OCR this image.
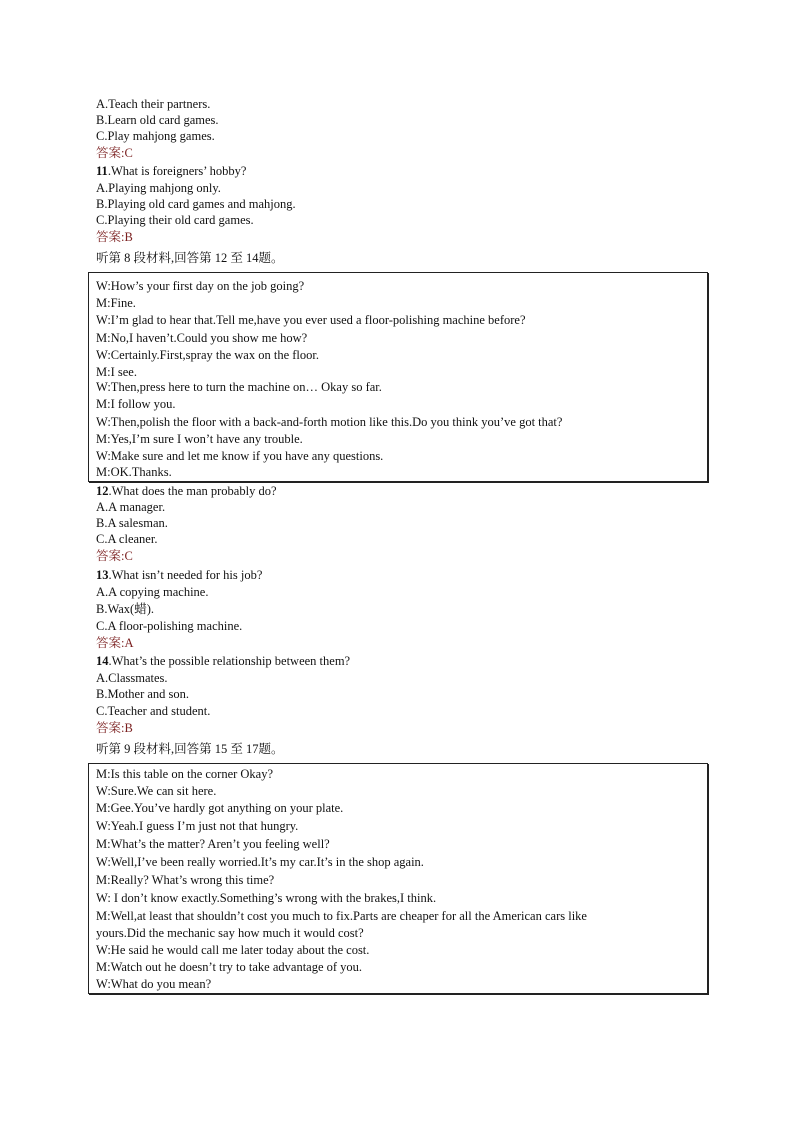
A.Teach their partners.
B.Learn old card games.
C.Play mahjong games.
答案:C
11.What is foreigners’ hobby?
A.Playing mahjong only.
B.Playing old card games and mahjong.
C.Playing their old card games.
答案:B
听第 8 段材料,回答第 12 至 14题。
W:How’s your first day on the job going?
M:Fine.
W:I’m glad to hear that.Tell me,have you ever used a floor-polishing machine before?
M:No,I haven’t.Could you show me how?
W:Certainly.First,spray the wax on the floor.
M:I see.
W:Then,press here to turn the machine on… Okay so far.
M:I follow you.
W:Then,polish the floor with a back-and-forth motion like this.Do you think you’ve got that?
M:Yes,I’m sure I won’t have any trouble.
W:Make sure and let me know if you have any questions.
M:OK.Thanks.
12.What does the man probably do?
A.A manager.
B.A salesman.
C.A cleaner.
答案:C
13.What isn’t needed for his job?
A.A copying machine.
B.Wax(蜡).
C.A floor-polishing machine.
答案:A
14.What’s the possible relationship between them?
A.Classmates.
B.Mother and son.
C.Teacher and student.
答案:B
听第 9 段材料,回答第 15 至 17题。
M:Is this table on the corner Okay?
W:Sure.We can sit here.
M:Gee.You’ve hardly got anything on your plate.
W:Yeah.I guess I’m just not that hungry.
M:What’s the matter? Aren’t you feeling well?
W:Well,I’ve been really worried.It’s my car.It’s in the shop again.
M:Really? What’s wrong this time?
W: I don’t know exactly.Something’s wrong with the brakes,I think.
M:Well,at least that shouldn’t cost you much to fix.Parts are cheaper for all the American cars like
yours.Did the mechanic say how much it would cost?
W:He said he would call me later today about the cost.
M:Watch out he doesn’t try to take advantage of you.
W:What do you mean?
